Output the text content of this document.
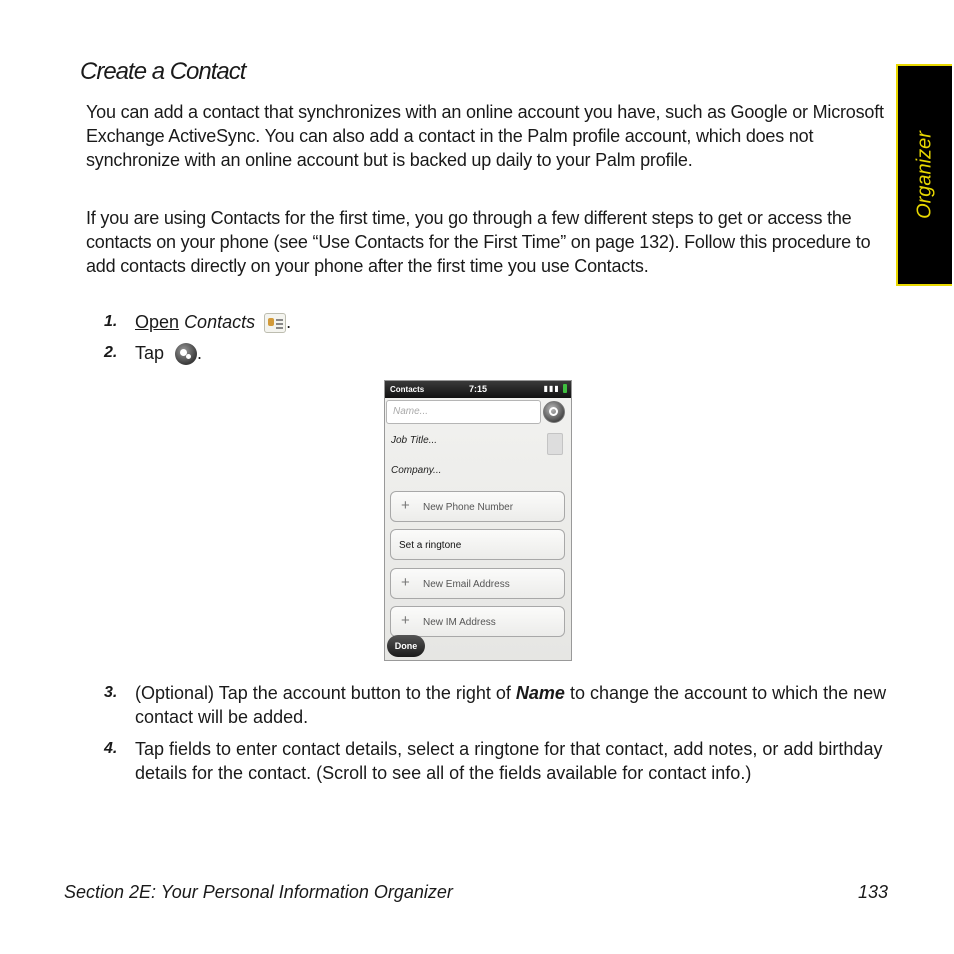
Create a Contact

You can add a contact that synchronizes with an online account you have, such as Google or Microsoft Exchange ActiveSync. You can also add a contact in the Palm profile account, which does not synchronize with an online account but is backed up daily to your Palm profile.

If you are using Contacts for the first time, you go through a few different steps to get or access the contacts on your phone (see “Use Contacts for the First Time” on page 132). Follow this procedure to add contacts directly on your phone after the first time you use Contacts.

Organizer
1. Open Contacts .
2. Tap .
Contacts	7:15	▮▮▮
Name...
Job Title...
Company...
+ New Phone Number
Set a ringtone
+ New Email Address
+ New IM Address
Done
3. (Optional) Tap the account button to the right of Name to change the account to which the new contact will be added.
4. Tap fields to enter contact details, select a ringtone for that contact, add notes, or add birthday details for the contact. (Scroll to see all of the fields available for contact info.)
Section 2E: Your Personal Information Organizer	133
